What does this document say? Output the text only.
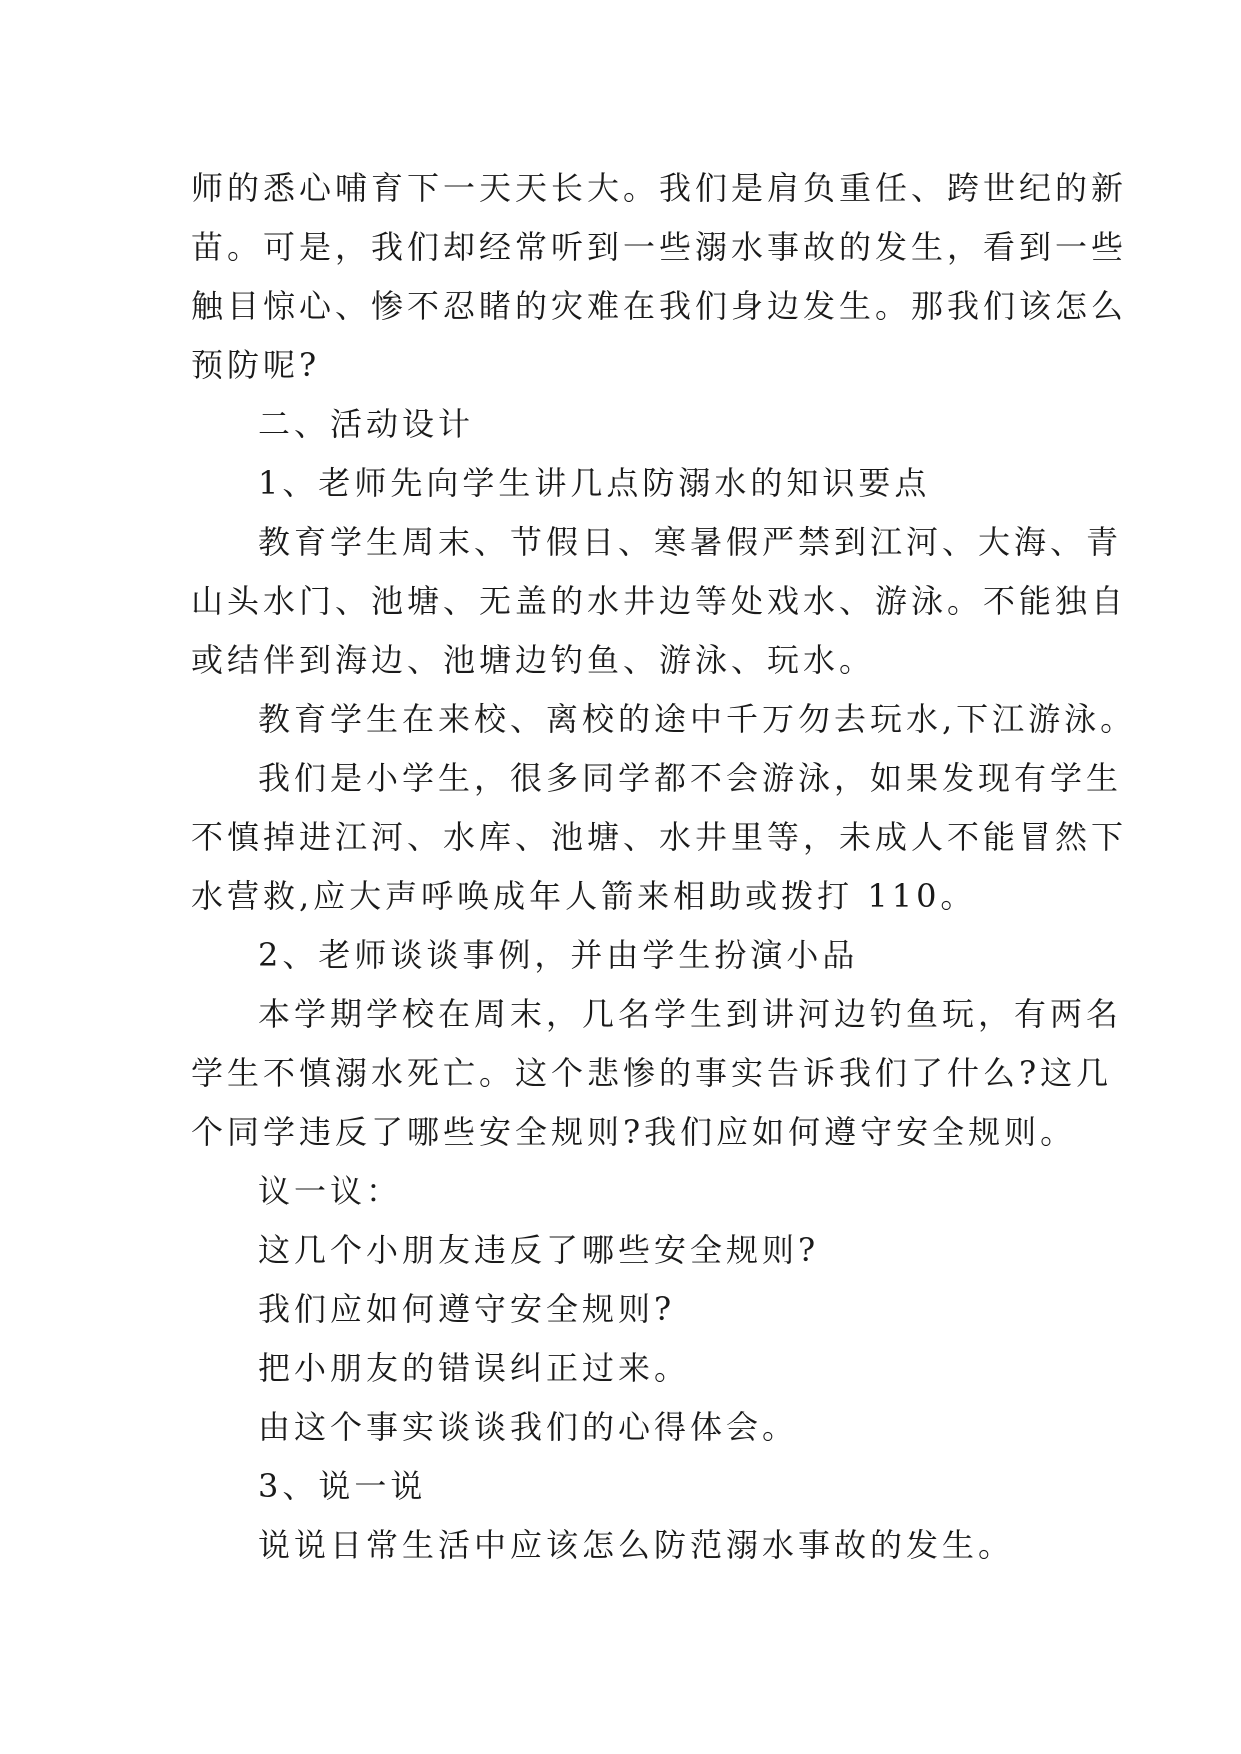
师的悉心哺育下一天天长大。我们是肩负重任、跨世纪的新
苗。可是，我们却经常听到一些溺水事故的发生，看到一些
触目惊心、惨不忍睹的灾难在我们身边发生。那我们该怎么
预防呢?
二、活动设计
1、老师先向学生讲几点防溺水的知识要点
教育学生周末、节假日、寒暑假严禁到江河、大海、青
山头水门、池塘、无盖的水井边等处戏水、游泳。不能独自
或结伴到海边、池塘边钓鱼、游泳、玩水。
教育学生在来校、离校的途中千万勿去玩水,下江游泳。
我们是小学生，很多同学都不会游泳，如果发现有学生
不慎掉进江河、水库、池塘、水井里等，未成人不能冒然下
水营救,应大声呼唤成年人箭来相助或拨打 110。
2、老师谈谈事例，并由学生扮演小品
本学期学校在周末，几名学生到讲河边钓鱼玩，有两名
学生不慎溺水死亡。这个悲惨的事实告诉我们了什么?这几
个同学违反了哪些安全规则?我们应如何遵守安全规则。
议一议：
这几个小朋友违反了哪些安全规则?
我们应如何遵守安全规则?
把小朋友的错误纠正过来。
由这个事实谈谈我们的心得体会。
3、说一说
说说日常生活中应该怎么防范溺水事故的发生。
